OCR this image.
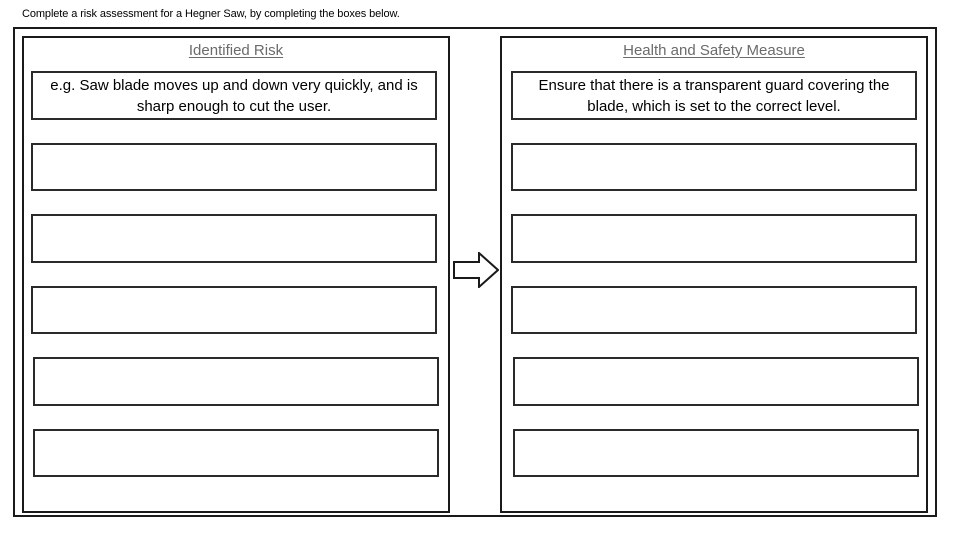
Complete a risk assessment for a Hegner Saw, by completing the boxes below.
Identified Risk
e.g. Saw blade moves up and down very quickly, and is sharp enough to cut the user.
Health and Safety Measure
Ensure that there is a transparent guard covering the blade, which is set to the correct level.
